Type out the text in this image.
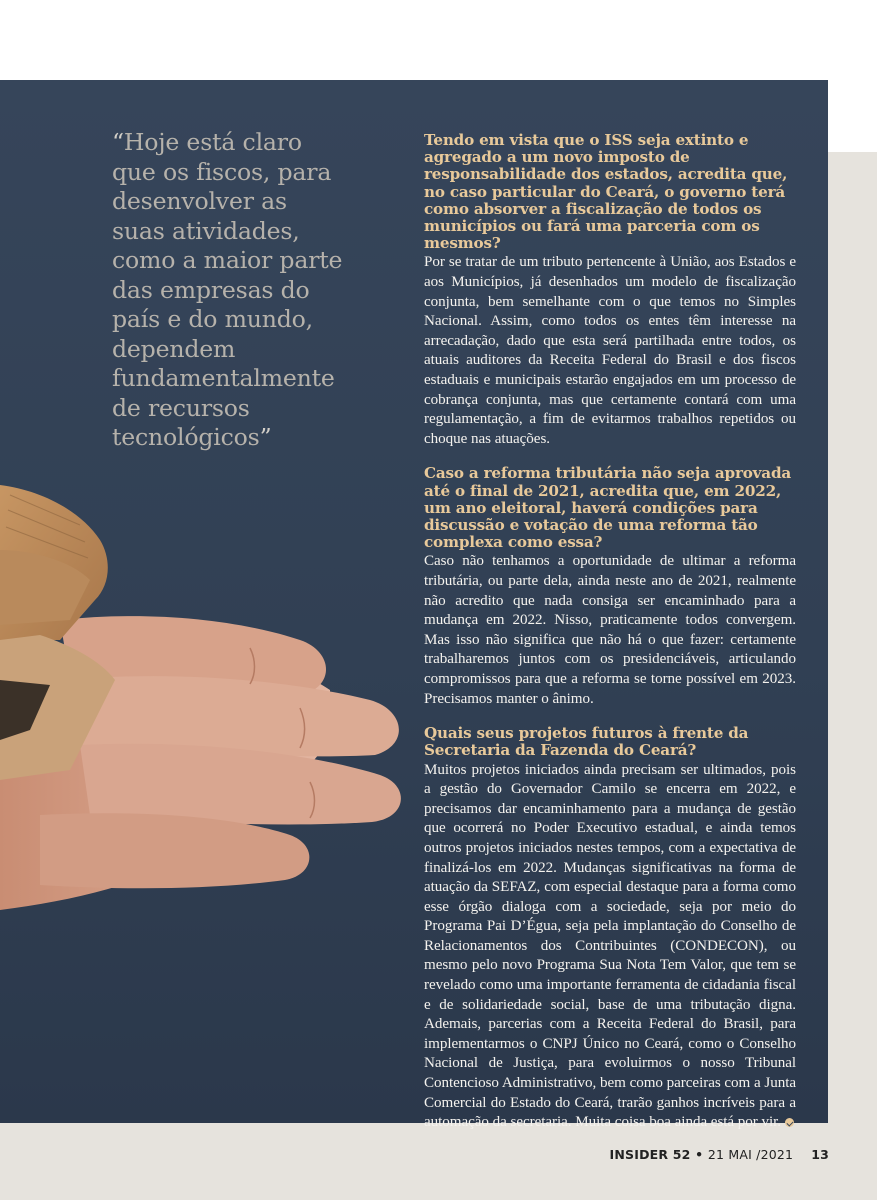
“Hoje está claro que os fiscos, para desenvolver as suas atividades, como a maior parte das empresas do país e do mundo, dependem fundamentalmente de recursos tecnológicos”

Tendo em vista que o ISS seja extinto e agregado a um novo imposto de responsabilidade dos estados, acredita que, no caso particular do Ceará, o governo terá como absorver a fiscalização de todos os municípios ou fará uma parceria com os mesmos?

Por se tratar de um tributo pertencente à União, aos Estados e aos Municípios, já desenhados um modelo de fiscalização conjunta, bem semelhante com o que temos no Simples Nacional. Assim, como todos os entes têm interesse na arrecadação, dado que esta será partilhada entre todos, os atuais auditores da Receita Federal do Brasil e dos fiscos estaduais e municipais estarão engajados em um processo de cobrança conjunta, mas que certamente contará com uma regulamentação, a fim de evitarmos trabalhos repetidos ou choque nas atuações.

Caso a reforma tributária não seja aprovada até o final de 2021, acredita que, em 2022, um ano eleitoral, haverá condições para discussão e votação de uma reforma tão complexa como essa?

Caso não tenhamos a oportunidade de ultimar a reforma tributária, ou parte dela, ainda neste ano de 2021, realmente não acredito que nada consiga ser encaminhado para a mudança em 2022. Nisso, praticamente todos convergem. Mas isso não significa que não há o que fazer: certamente trabalharemos juntos com os presidenciáveis, articulando compromissos para que a reforma se torne possível em 2023. Precisamos manter o ânimo.

Quais seus projetos futuros à frente da Secretaria da Fazenda do Ceará?

Muitos projetos iniciados ainda precisam ser ultimados, pois a gestão do Governador Camilo se encerra em 2022, e precisamos dar encaminhamento para a mudança de gestão que ocorrerá no Poder Executivo estadual, e ainda temos outros projetos iniciados nestes tempos, com a expectativa de finalizá-los em 2022. Mudanças significativas na forma de atuação da SEFAZ, com especial destaque para a forma como esse órgão dialoga com a sociedade, seja por meio do Programa Pai D’Égua, seja pela implantação do Conselho de Relacionamentos dos Contribuintes (CONDECON), ou mesmo pelo novo Programa Sua Nota Tem Valor, que tem se revelado como uma importante ferramenta de cidadania fiscal e de solidariedade social, base de uma tributação digna. Ademais, parcerias com a Receita Federal do Brasil, para implementarmos o CNPJ Único no Ceará, como o Conselho Nacional de Justiça, para evoluirmos o nosso Tribunal Contencioso Administrativo, bem como parceiras com a Junta Comercial do Estado do Ceará, trarão ganhos incríveis para a automação da secretaria. Muita coisa boa ainda está por vir.

INSIDER 52 • 21 MAI /2021 13
